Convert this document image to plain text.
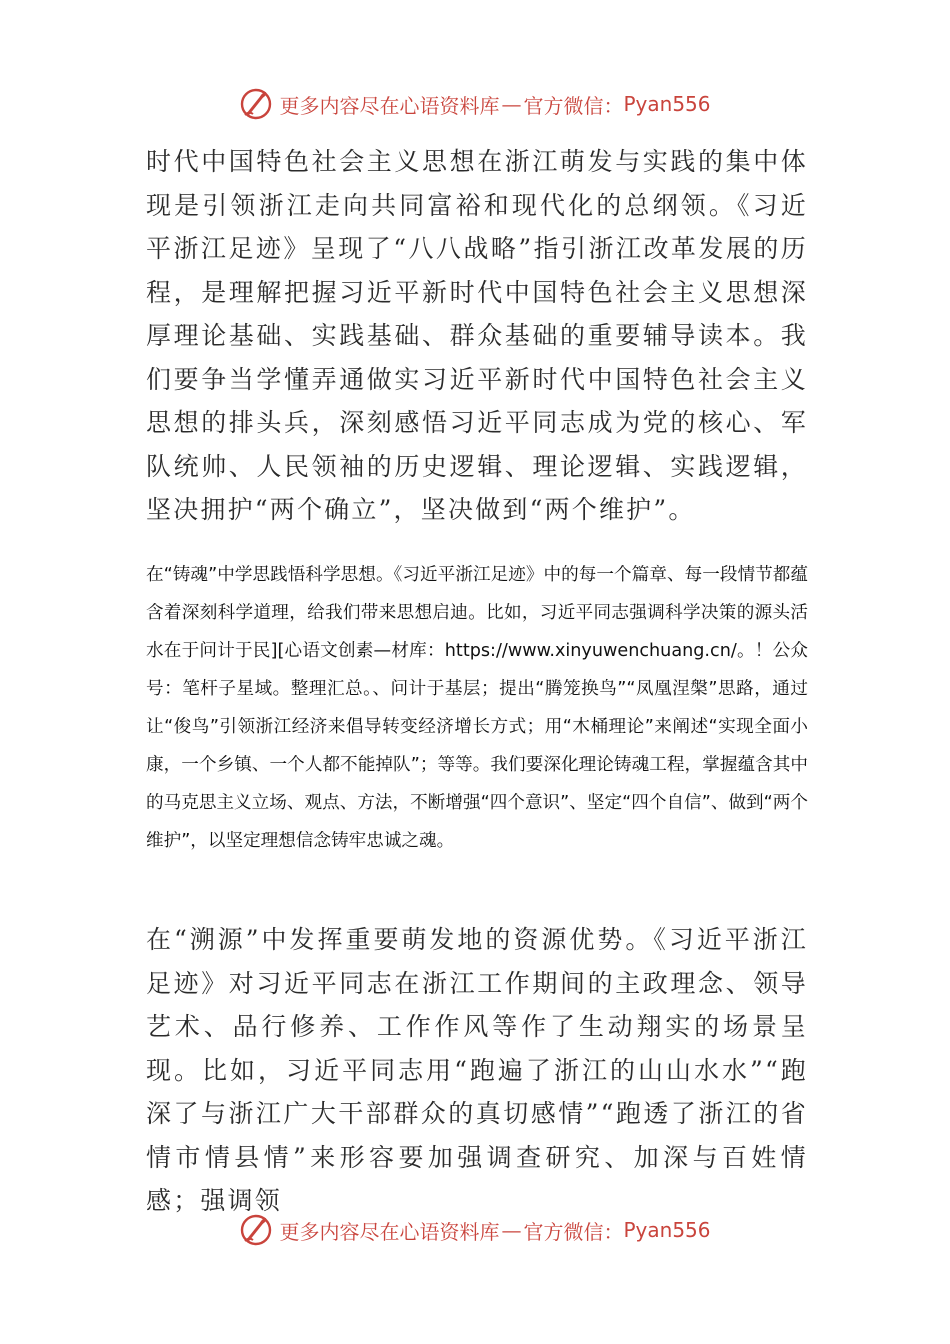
更多内容尽在心语资料库 — 官方微信： Pyan556

时代中国特色社会主义思想在浙江萌发与实践的集中体现是引领浙江走向共同富裕和现代化的总纲领。《习近平浙江足迹》呈现了“八八战略”指引浙江改革发展的历程，是理解把握习近平新时代中国特色社会主义思想深厚理论基础、实践基础、群众基础的重要辅导读本。我们要争当学懂弄通做实习近平新时代中国特色社会主义思想的排头兵，深刻感悟习近平同志成为党的核心、军队统帅、人民领袖的历史逻辑、理论逻辑、实践逻辑，坚决拥护“两个确立”，坚决做到“两个维护”。

在“铸魂”中学思践悟科学思想。《习近平浙江足迹》中的每一个篇章、每一段情节都蕴含着深刻科学道理，给我们带来思想启迪。比如，习近平同志强调科学决策的源头活水在于问计于民][心语文创素—材库：https://www.xinyuwenchuang.cn/。！公众号：笔杆子星域。整理汇总。、问计于基层；提出“腾笼换鸟”“凤凰涅槃”思路，通过让“俊鸟”引领浙江经济来倡导转变经济增长方式；用“木桶理论”来阐述“实现全面小康，一个乡镇、一个人都不能掉队”；等等。我们要深化理论铸魂工程，掌握蕴含其中的马克思主义立场、观点、方法，不断增强“四个意识”、坚定“四个自信”、做到“两个维护”，以坚定理想信念铸牢忠诚之魂。

在“溯源”中发挥重要萌发地的资源优势。《习近平浙江足迹》对习近平同志在浙江工作期间的主政理念、领导艺术、品行修养、工作作风等作了生动翔实的场景呈现。比如，习近平同志用“跑遍了浙江的山山水水”“跑深了与浙江广大干部群众的真切感情”“跑透了浙江的省情市情县情”来形容要加强调查研究、加深与百姓情感；强调领

更多内容尽在心语资料库 — 官方微信： Pyan556
